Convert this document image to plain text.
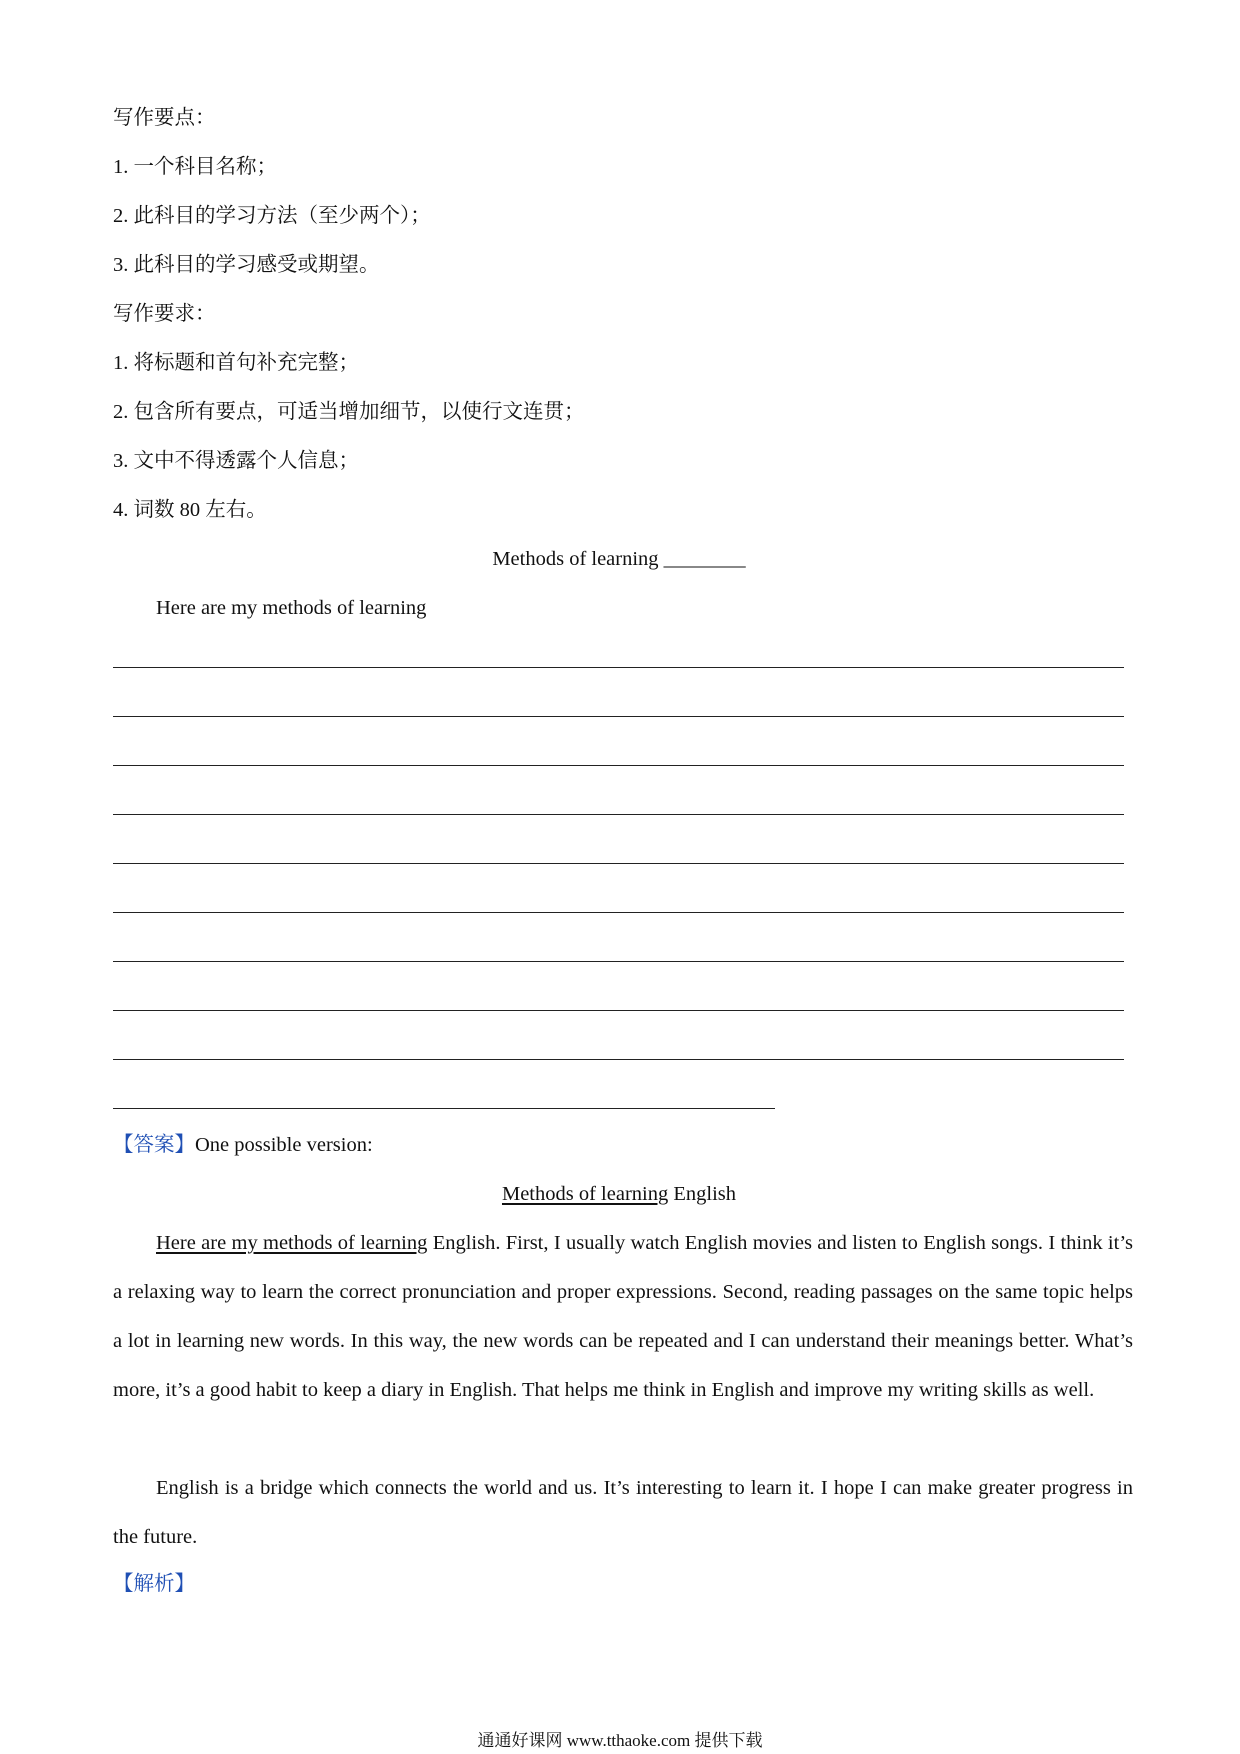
写作要点：
1. 一个科目名称；
2. 此科目的学习方法（至少两个）；
3. 此科目的学习感受或期望。
写作要求：
1. 将标题和首句补充完整；
2. 包含所有要点，可适当增加细节，以使行文连贯；
3. 文中不得透露个人信息；
4. 词数 80 左右。
Methods of learning ________
Here are my methods of learning
【答案】One possible version:
Methods of learning English
Here are my methods of learning English. First, I usually watch English movies and listen to English songs. I think it’s a relaxing way to learn the correct pronunciation and proper expressions. Second, reading passages on the same topic helps a lot in learning new words. In this way, the new words can be repeated and I can understand their meanings better. What’s more, it’s a good habit to keep a diary in English. That helps me think in English and improve my writing skills as well.
English is a bridge which connects the world and us. It’s interesting to learn it. I hope I can make greater progress in the future.
【解析】
通通好课网 www.tthaoke.com 提供下载
